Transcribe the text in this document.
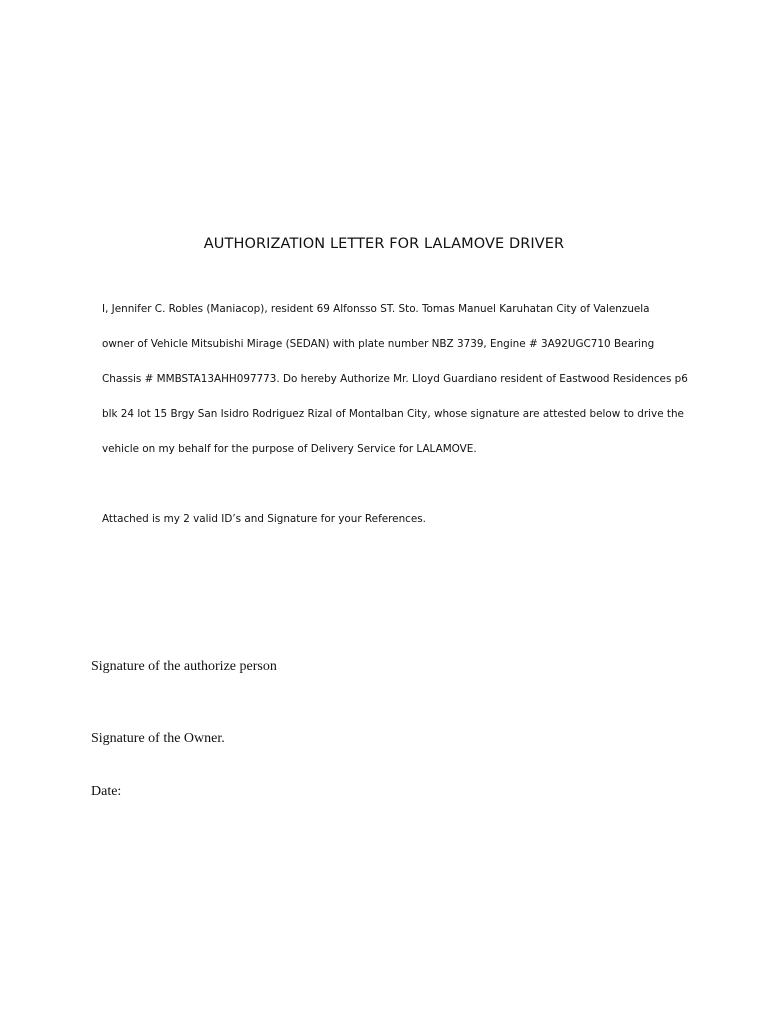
AUTHORIZATION LETTER FOR LALAMOVE DRIVER
I, Jennifer C. Robles (Maniacop), resident 69 Alfonsso ST. Sto. Tomas Manuel Karuhatan City of Valenzuela
owner of Vehicle Mitsubishi Mirage (SEDAN) with plate number NBZ 3739, Engine # 3A92UGC710 Bearing
Chassis # MMBSTA13AHH097773. Do hereby Authorize Mr. Lloyd Guardiano resident of Eastwood Residences p6
blk 24 lot 15 Brgy San Isidro Rodriguez Rizal of Montalban City, whose signature are attested below to drive the
vehicle on my behalf for the purpose of Delivery Service for LALAMOVE.

Attached is my 2 valid ID’s and Signature for your References.

Signature of the authorize person

Signature of the Owner.

Date:
